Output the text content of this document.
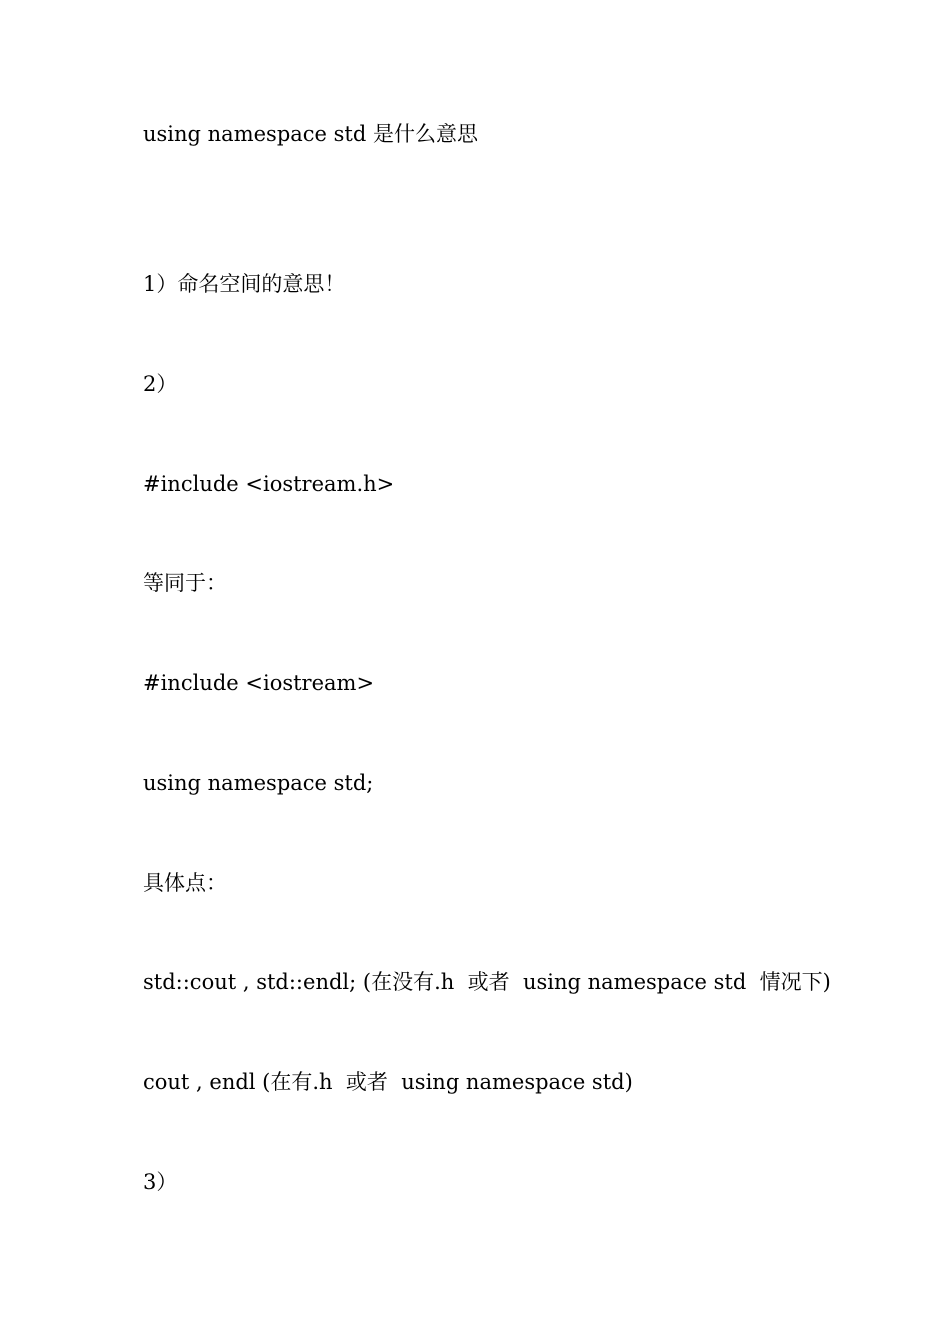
using namespace std 是什么意思

1）命名空间的意思！

2）

#include <iostream.h>

等同于：

#include <iostream>

using namespace std;

具体点：

std::cout , std::endl; (在没有.h  或者  using namespace std  情况下)

cout , endl (在有.h  或者  using namespace std)

3）
